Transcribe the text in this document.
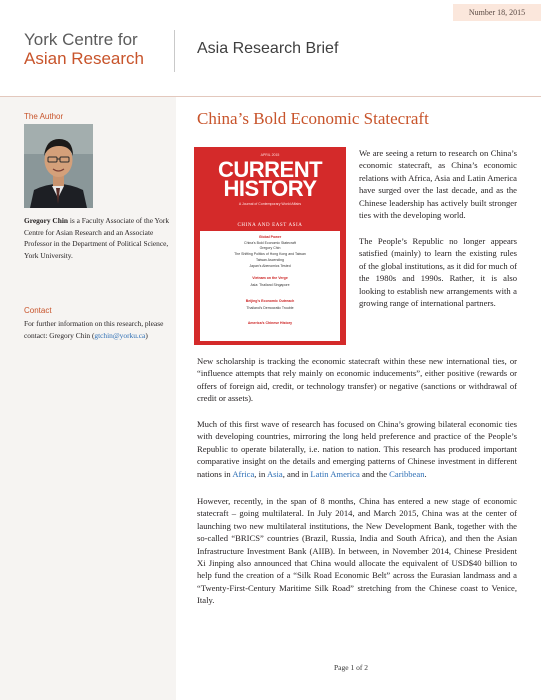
Number 18, 2015
York Centre for
Asian Research
Asia Research Brief
The Author
Gregory Chin is a Faculty Associate of the York Centre for Asian Research and an Associate Professor in the Department of Political Science, York University.
Contact
For further information on this research, please contact: Gregory Chin (gtchin@yorku.ca)
China’s Bold Economic Statecraft
APRIL 2015
CURRENT
HISTORY
A Journal of Contemporary World Affairs
CHINA AND EAST ASIA
Global Power
China’s Bold Economic Statecraft
Gregory Chin
The Shifting Politics of Hong Kong and Taiwan
Taiwan Ascending
Japan’s Abenomics Tested
Vietnam on the Verge
Asia: Thailand Singapore
Beijing’s Economic Outreach
Thailand’s Democratic Trouble
America’s Chinese History

We are seeing a return to research on China’s economic statecraft, as China’s economic relations with Africa, Asia and Latin America have surged over the last decade, and as the Chinese leadership has actively built stronger ties with the developing world.

The People’s Republic no longer appears satisfied (mainly) to learn the existing rules of the global institutions, as it did for much of the 1980s and 1990s. Rather, it is also looking to establish new arrangements with a growing range of international partners.

New scholarship is tracking the economic statecraft within these new international ties, or “influence attempts that rely mainly on economic inducements”, either positive (rewards or offers of foreign aid, credit, or technology transfer) or negative (sanctions or withdrawal of credit or assets).

Much of this first wave of research has focused on China’s growing bilateral economic ties with developing countries, mirroring the long held preference and practice of the People’s Republic to operate bilaterally, i.e. nation to nation. This research has produced important comparative insight on the details and emerging patterns of Chinese investment in different nations in Africa, in Asia, and in Latin America and the Caribbean.

However, recently, in the span of 8 months, China has entered a new stage of economic statecraft – going multilateral. In July 2014, and March 2015, China was at the center of launching two new multilateral institutions, the New Development Bank, together with the so-called “BRICS” countries (Brazil, Russia, India and South Africa), and then the Asian Infrastructure Investment Bank (AIIB). In between, in November 2014, Chinese President Xi Jinping also announced that China would allocate the equivalent of USD$40 billion to help fund the creation of a “Silk Road Economic Belt” across the Eurasian landmass and a “Twenty-First-Century Maritime Silk Road” stretching from the Chinese coast to Venice, Italy.

Page 1 of 2
